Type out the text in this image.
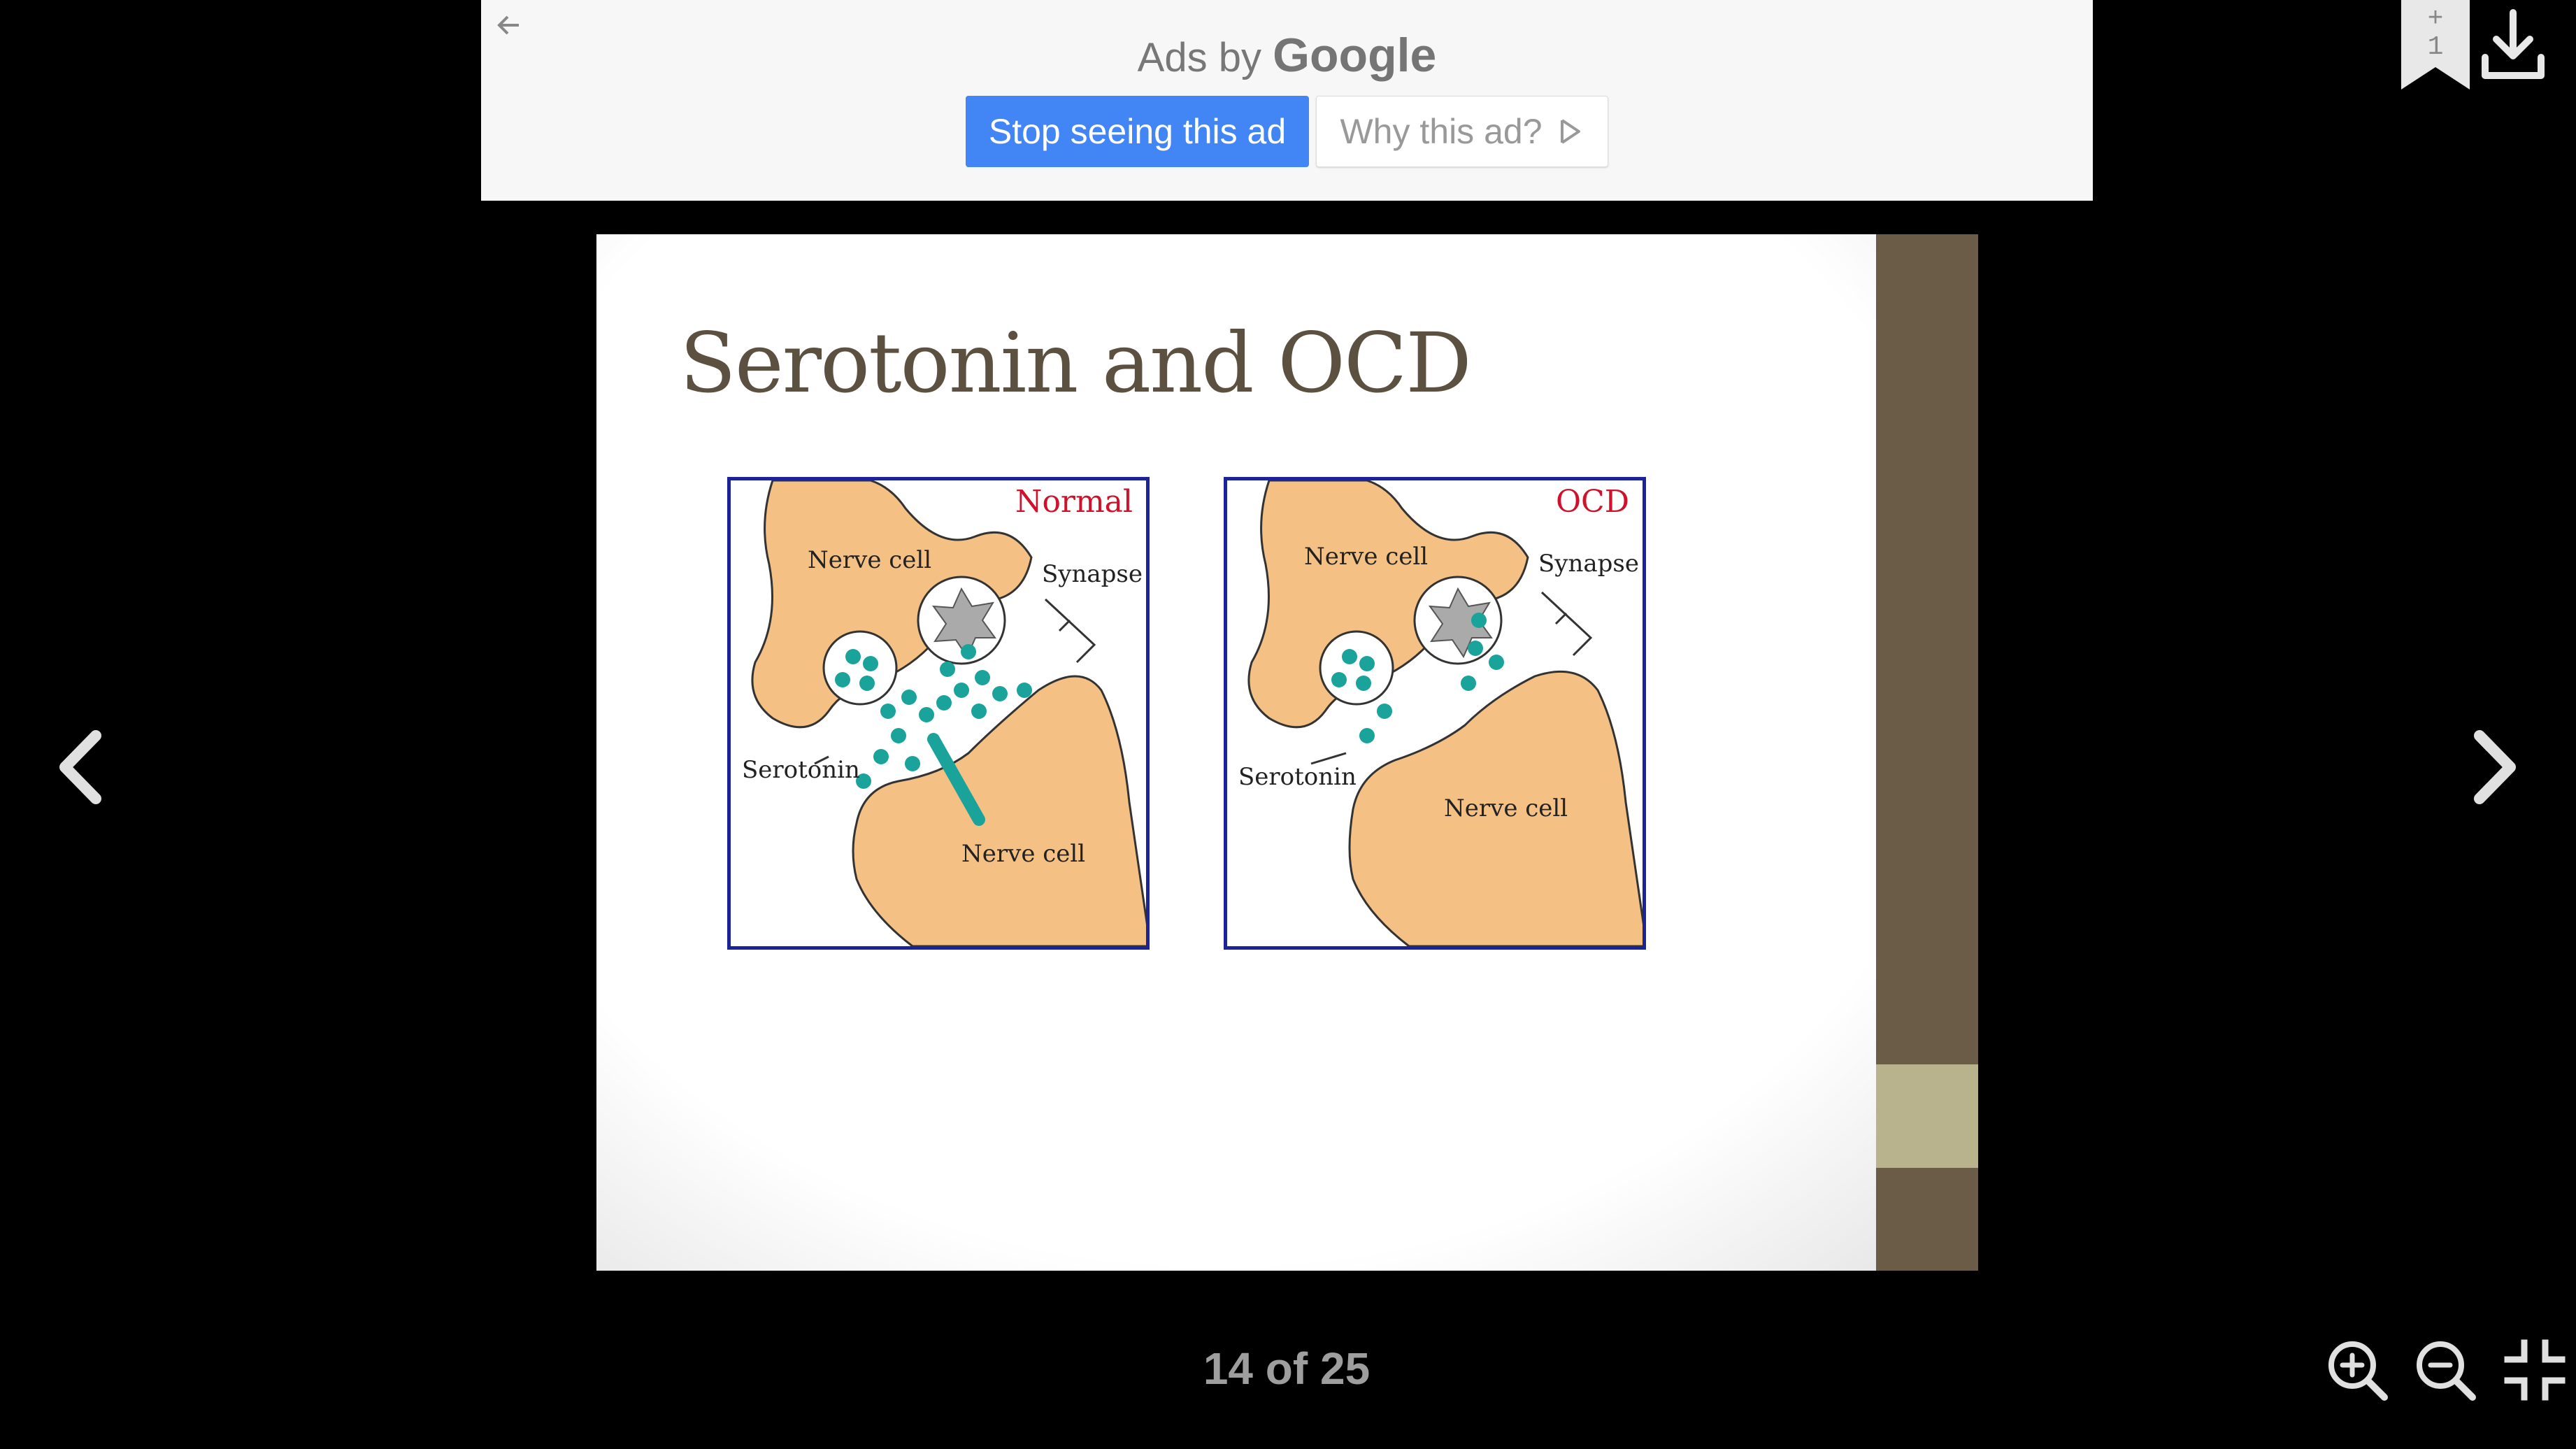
Ads by Google
Stop seeing this ad Why this ad?
+
1
Serotonin and OCD
Normal
Nerve cell	Synapse
Serotonin
Nerve cell
OCD
Nerve cell	Synapse
Serotonin
Nerve cell
14 of 25
